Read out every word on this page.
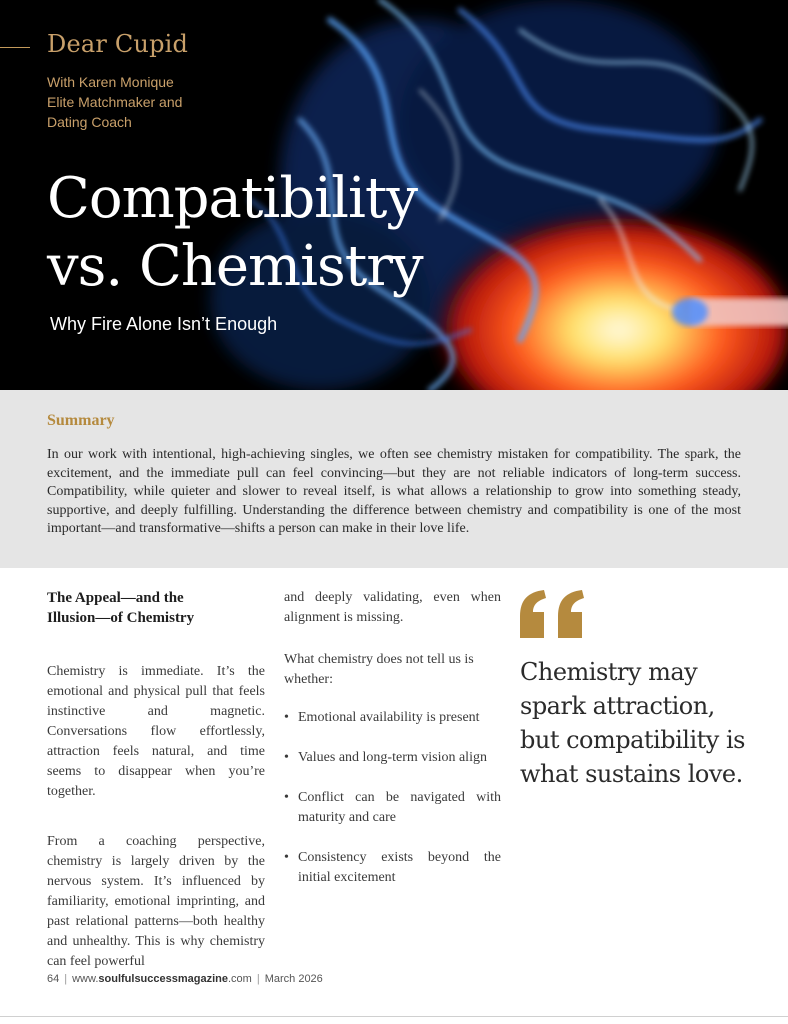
Dear Cupid

With Karen Monique
Elite Matchmaker and
Dating Coach

Compatibility
vs. Chemistry

Why Fire Alone Isn’t Enough

Summary

In our work with intentional, high-achieving singles, we often see chemistry mistaken for compatibility. The spark, the excitement, and the immediate pull can feel convincing—but they are not reliable indicators of long-term success. Compatibility, while quieter and slower to reveal itself, is what allows a relationship to grow into something steady, supportive, and deeply fulfilling. Understanding the difference between chemistry and compatibility is one of the most important—and transformative—shifts a person can make in their love life.

The Appeal—and the
Illusion—of Chemistry

Chemistry is immediate. It’s the emotional and physical pull that feels instinctive and magnetic. Conversations flow effortlessly, attraction feels natural, and time seems to disappear when you’re together.

From a coaching perspective, chemistry is largely driven by the nervous system. It’s influenced by familiarity, emotional imprinting, and past relational patterns—both healthy and unhealthy. This is why chemistry can feel powerful

and deeply validating, even when alignment is missing.

What chemistry does not tell us is whether:

• Emotional availability is present
• Values and long-term vision align
• Conflict can be navigated with maturity and care
• Consistency exists beyond the initial excitement

Chemistry may spark attraction, but compatibility is what sustains love.

64 | www.soulfulsuccessmagazine.com | March 2026
